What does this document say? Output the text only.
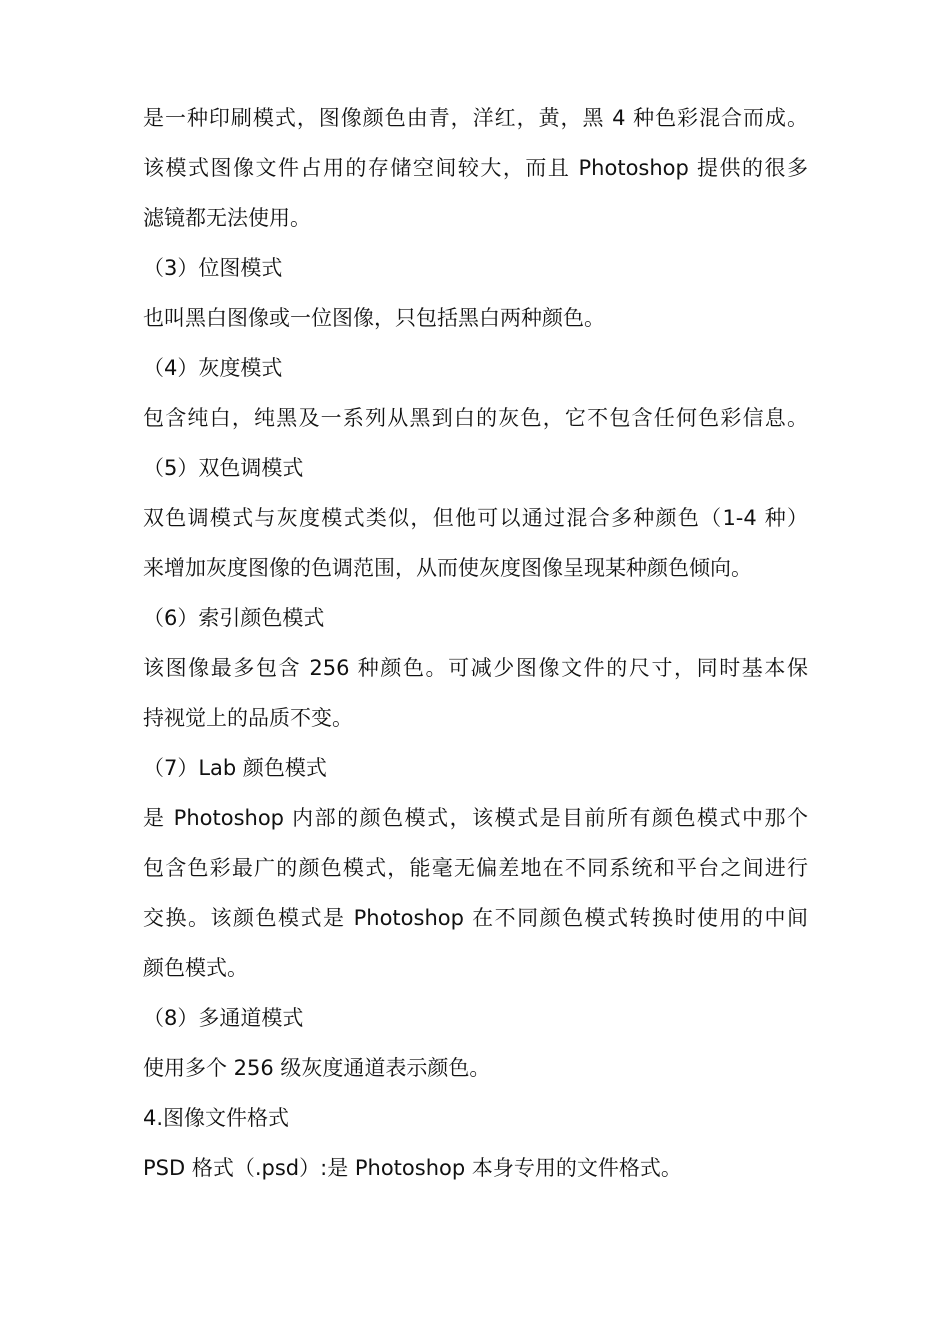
是一种印刷模式，图像颜色由青，洋红，黄，黑 4 种色彩混合而成。
该模式图像文件占用的存储空间较大，而且 Photoshop 提供的很多
滤镜都无法使用。
（3）位图模式
也叫黑白图像或一位图像，只包括黑白两种颜色。
（4）灰度模式
包含纯白，纯黑及一系列从黑到白的灰色，它不包含任何色彩信息。
（5）双色调模式
双色调模式与灰度模式类似，但他可以通过混合多种颜色（1-4 种）
来增加灰度图像的色调范围，从而使灰度图像呈现某种颜色倾向。
（6）索引颜色模式
该图像最多包含 256 种颜色。可减少图像文件的尺寸，同时基本保
持视觉上的品质不变。
（7）Lab 颜色模式
是 Photoshop 内部的颜色模式，该模式是目前所有颜色模式中那个
包含色彩最广的颜色模式，能毫无偏差地在不同系统和平台之间进行
交换。该颜色模式是 Photoshop 在不同颜色模式转换时使用的中间
颜色模式。
（8）多通道模式
使用多个 256 级灰度通道表示颜色。
4.图像文件格式
PSD 格式（.psd）:是 Photoshop 本身专用的文件格式。
